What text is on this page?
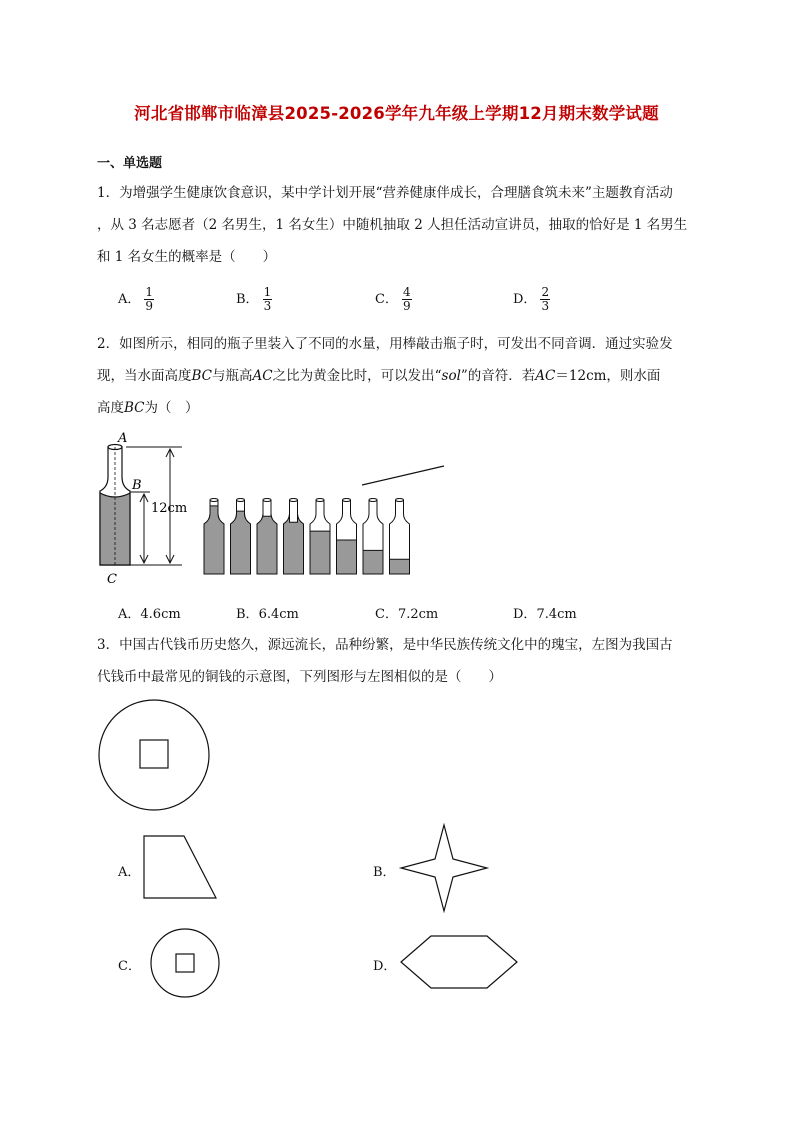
河北省邯郸市临漳县2025-2026学年九年级上学期12月期末数学试题
一、单选题
1．为增强学生健康饮食意识，某中学计划开展“营养健康伴成长，合理膳食筑未来”主题教育活动
，从 3 名志愿者（2 名男生，1 名女生）中随机抽取 2 人担任活动宣讲员，抽取的恰好是 1 名男生
和 1 名女生的概率是（　　）
A． $\frac{1}{9}$	B． $\frac{1}{3}$	C． $\frac{4}{9}$	D． $\frac{2}{3}$
2．如图所示，相同的瓶子里装入了不同的水量，用棒敲击瓶子时，可发出不同音调．通过实验发
现，当水面高度BC与瓶高AC之比为黄金比时，可以发出“sol”的音符．若AC＝12cm，则水面
高度BC为（　）
A
B
C
12cm
A．4.6cm	B．6.4cm	C．7.2cm	D．7.4cm
3．中国古代钱币历史悠久，源远流长，品种纷繁，是中华民族传统文化中的瑰宝，左图为我国古
代钱币中最常见的铜钱的示意图，下列图形与左图相似的是（　　）
A．	B．
C．	D．
